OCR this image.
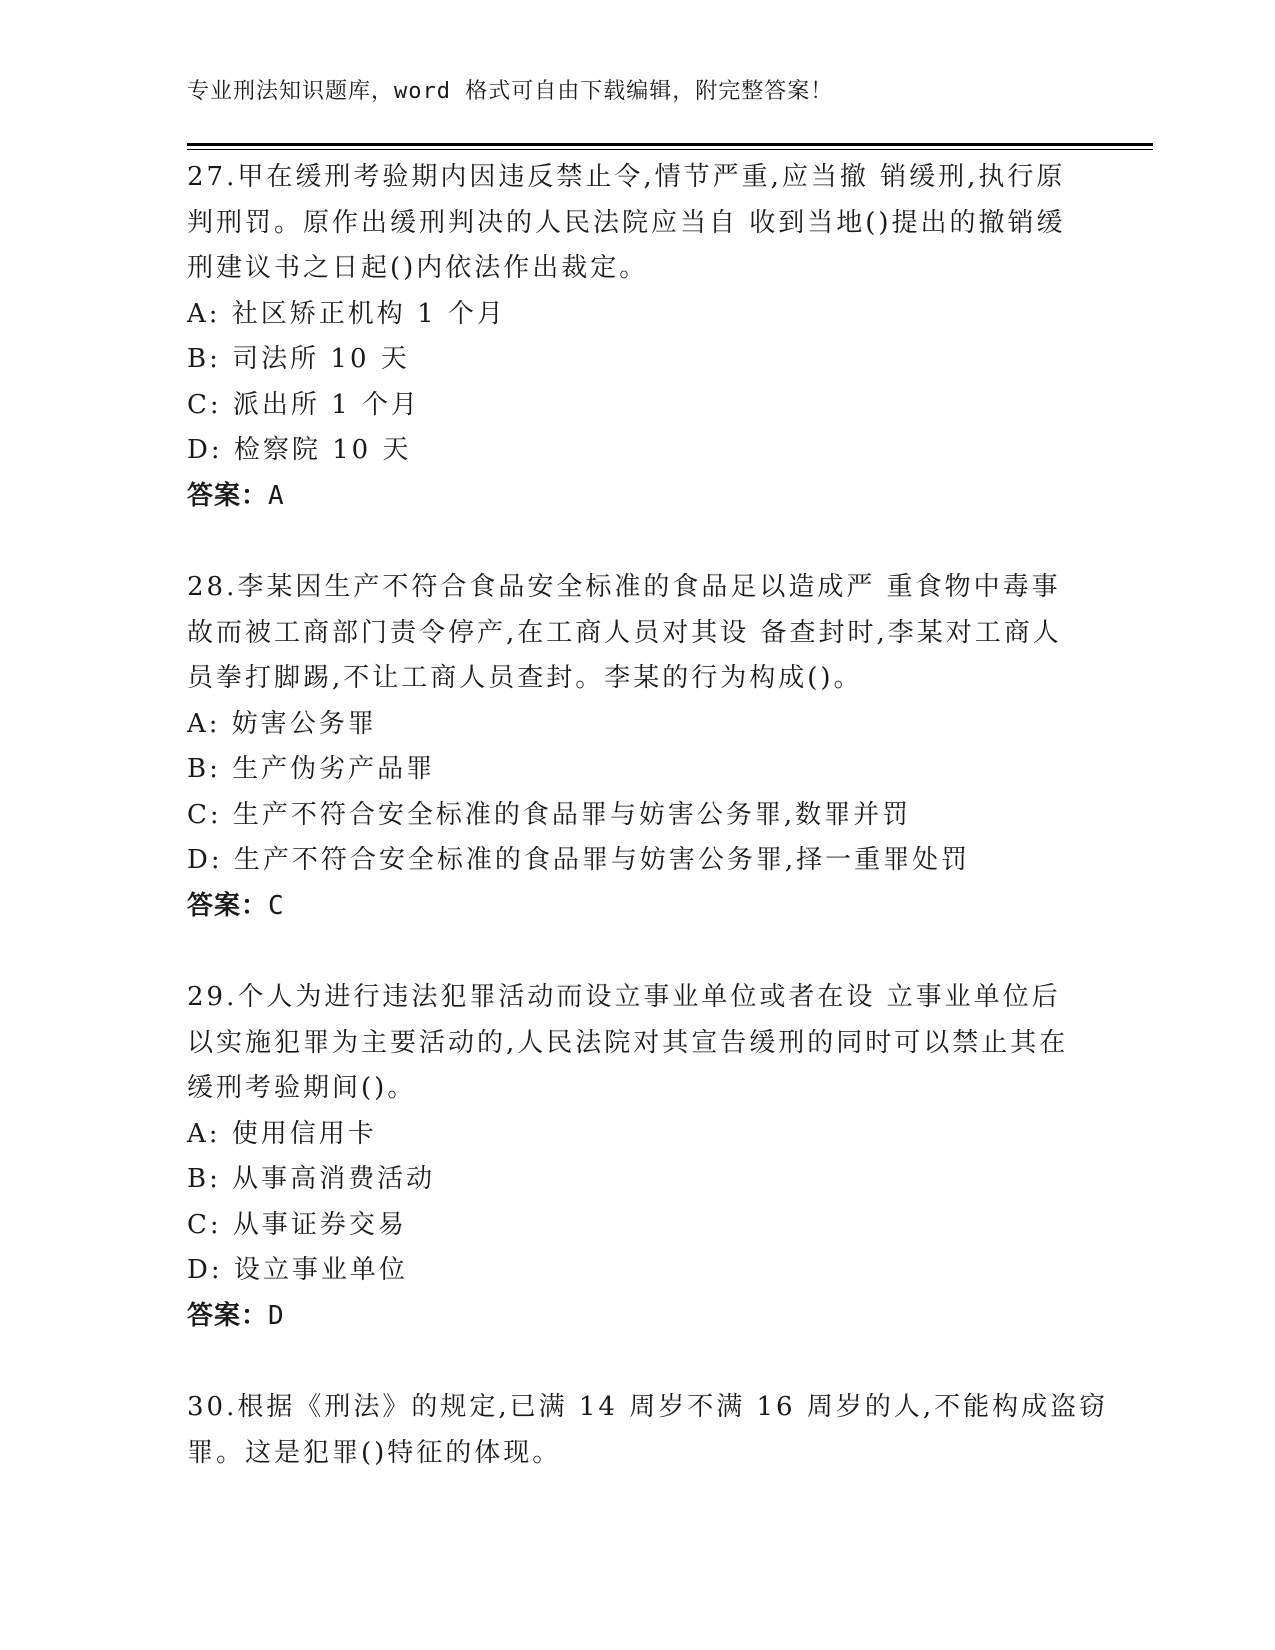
专业刑法知识题库，word 格式可自由下载编辑，附完整答案！
27.甲在缓刑考验期内因违反禁止令,情节严重,应当撤 销缓刑,执行原
判刑罚。原作出缓刑判决的人民法院应当自 收到当地()提出的撤销缓
刑建议书之日起()内依法作出裁定。
A: 社区矫正机构 1 个月
B: 司法所 10 天
C: 派出所 1 个月
D: 检察院 10 天
答案：A
28.李某因生产不符合食品安全标准的食品足以造成严 重食物中毒事
故而被工商部门责令停产,在工商人员对其设 备查封时,李某对工商人
员拳打脚踢,不让工商人员查封。李某的行为构成()。
A: 妨害公务罪
B: 生产伪劣产品罪
C: 生产不符合安全标准的食品罪与妨害公务罪,数罪并罚
D: 生产不符合安全标准的食品罪与妨害公务罪,择一重罪处罚
答案：C
29.个人为进行违法犯罪活动而设立事业单位或者在设 立事业单位后
以实施犯罪为主要活动的,人民法院对其宣告缓刑的同时可以禁止其在
缓刑考验期间()。
A: 使用信用卡
B: 从事高消费活动
C: 从事证券交易
D: 设立事业单位
答案：D
30.根据《刑法》的规定,已满 14 周岁不满 16 周岁的人,不能构成盗窃
罪。这是犯罪()特征的体现。
